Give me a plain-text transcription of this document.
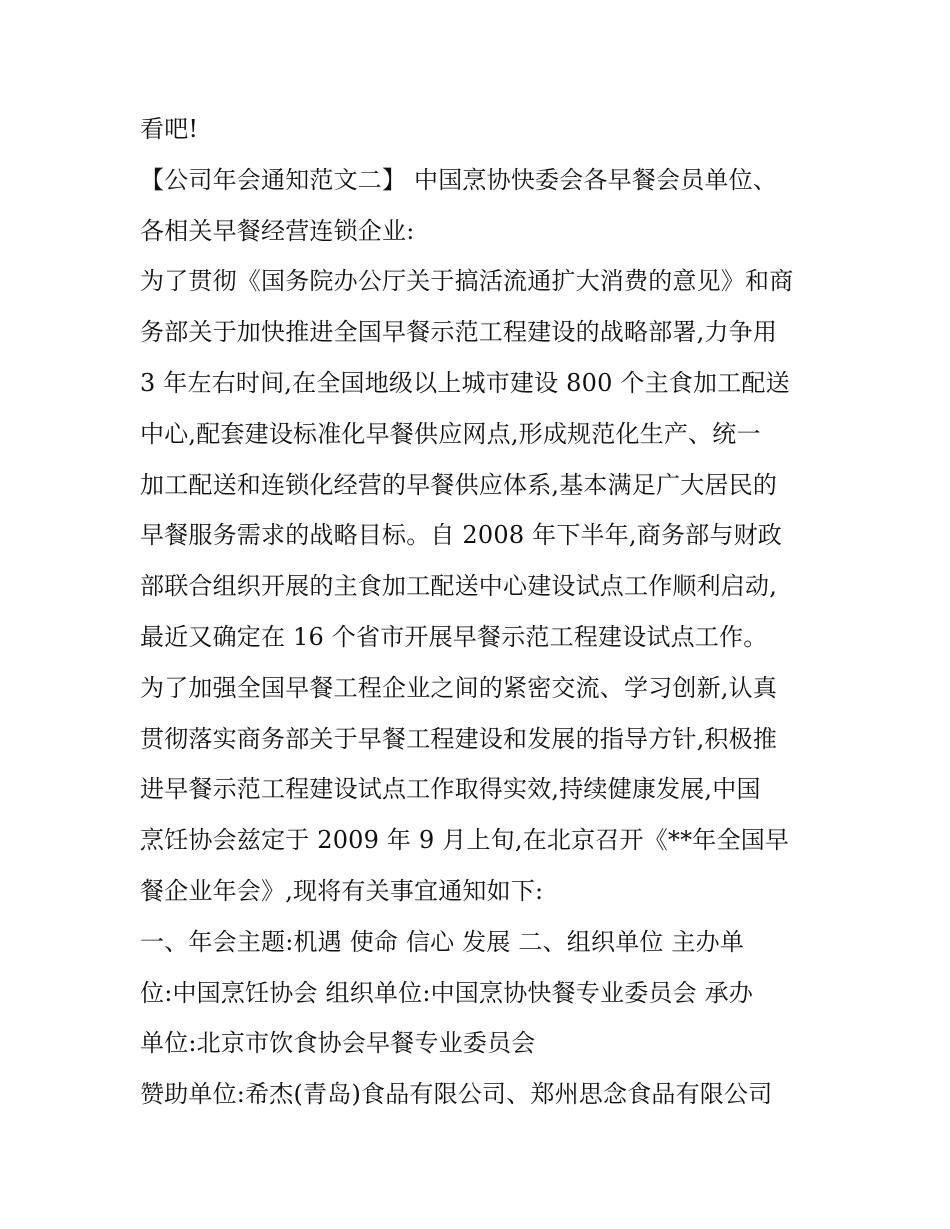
看吧!
【公司年会通知范文二】 中国烹协快委会各早餐会员单位、
各相关早餐经营连锁企业:
为了贯彻《国务院办公厅关于搞活流通扩大消费的意见》和商
务部关于加快推进全国早餐示范工程建设的战略部署,力争用
3 年左右时间,在全国地级以上城市建设 800 个主食加工配送
中心,配套建设标准化早餐供应网点,形成规范化生产、统一
加工配送和连锁化经营的早餐供应体系,基本满足广大居民的
早餐服务需求的战略目标。自 2008 年下半年,商务部与财政
部联合组织开展的主食加工配送中心建设试点工作顺利启动,
最近又确定在 16 个省市开展早餐示范工程建设试点工作。
为了加强全国早餐工程企业之间的紧密交流、学习创新,认真
贯彻落实商务部关于早餐工程建设和发展的指导方针,积极推
进早餐示范工程建设试点工作取得实效,持续健康发展,中国
烹饪协会兹定于 2009 年 9 月上旬,在北京召开《**年全国早
餐企业年会》,现将有关事宜通知如下:
一、年会主题:机遇 使命 信心 发展 二、组织单位 主办单
位:中国烹饪协会 组织单位:中国烹协快餐专业委员会 承办
单位:北京市饮食协会早餐专业委员会
赞助单位:希杰(青岛)食品有限公司、郑州思念食品有限公司
